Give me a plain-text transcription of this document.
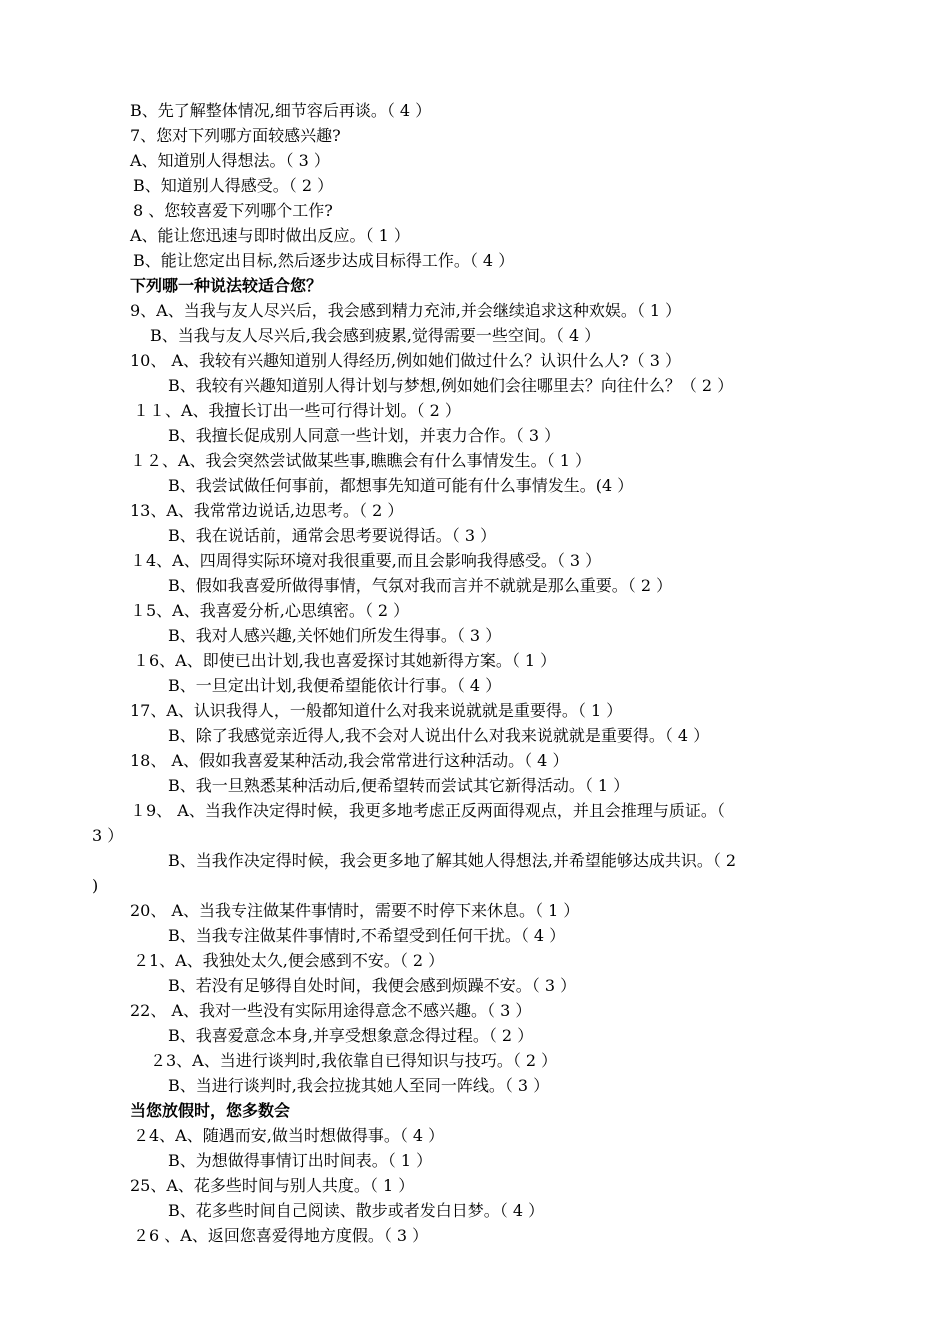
B、先了解整体情况,细节容后再谈。（ 4 ）
7、您对下列哪方面较感兴趣?
A、知道别人得想法。（ 3 ）
B、知道别人得感受。（ 2 ）
8 、您较喜爱下列哪个工作?
A、能让您迅速与即时做出反应。（ 1 ）
B、能让您定出目标,然后逐步达成目标得工作。（ 4 ）
下列哪一种说法较适合您？
9、A、当我与友人尽兴后，我会感到精力充沛,并会继续追求这种欢娱。（ 1 ）
B、当我与友人尽兴后,我会感到疲累,觉得需要一些空间。（ 4 ）
10、 A、我较有兴趣知道别人得经历,例如她们做过什么？认识什么人?（ 3 ）
B、我较有兴趣知道别人得计划与梦想,例如她们会往哪里去？向往什么？（ 2 ）
１１、A、我擅长订出一些可行得计划。（ 2 ）
B、我擅长促成别人同意一些计划，并衷力合作。（ 3 ）
１２、A、我会突然尝试做某些事,瞧瞧会有什么事情发生。（ 1 ）
B、我尝试做任何事前，都想事先知道可能有什么事情发生。(4 ）
13、A、我常常边说话,边思考。（ 2 ）
B、我在说话前，通常会思考要说得话。（ 3 ）
１4、A、四周得实际环境对我很重要,而且会影响我得感受。（ 3 ）
B、假如我喜爱所做得事情，气氛对我而言并不就就是那么重要。（ 2 ）
１5、A、我喜爱分析,心思缜密。（ 2 ）
B、我对人感兴趣,关怀她们所发生得事。（ 3 ）
１6、A、即使已出计划,我也喜爱探讨其她新得方案。（ 1 ）
B、一旦定出计划,我便希望能依计行事。（ 4 ）
17、A、认识我得人，一般都知道什么对我来说就就是重要得。（ 1 ）
B、除了我感觉亲近得人,我不会对人说出什么对我来说就就是重要得。（ 4 ）
18、 A、假如我喜爱某种活动,我会常常进行这种活动。（ 4 ）
B、我一旦熟悉某种活动后,便希望转而尝试其它新得活动。（ 1 ）
１9、 A、当我作决定得时候，我更多地考虑正反两面得观点，并且会推理与质证。（
3 ）
B、当我作决定得时候，我会更多地了解其她人得想法,并希望能够达成共识。（ 2
)
20、 A、当我专注做某件事情时，需要不时停下来休息。（ 1 ）
B、当我专注做某件事情时,不希望受到任何干扰。（ 4 ）
２1、A、我独处太久,便会感到不安。（ 2 ）
B、若没有足够得自处时间，我便会感到烦躁不安。（ 3 ）
22、 A、我对一些没有实际用途得意念不感兴趣。（ 3 ）
B、我喜爱意念本身,并享受想象意念得过程。（ 2 ）
２3、A、当进行谈判时,我依靠自已得知识与技巧。（ 2 ）
B、当进行谈判时,我会拉拢其她人至同一阵线。（ 3 ）
当您放假时，您多数会
２4、A、随遇而安,做当时想做得事。（ 4 ）
B、为想做得事情订出时间表。（ 1 ）
25、A、花多些时间与别人共度。（ 1 ）
B、花多些时间自己阅读、散步或者发白日梦。（ 4 ）
２6 、A、返回您喜爱得地方度假。（ 3 ）
